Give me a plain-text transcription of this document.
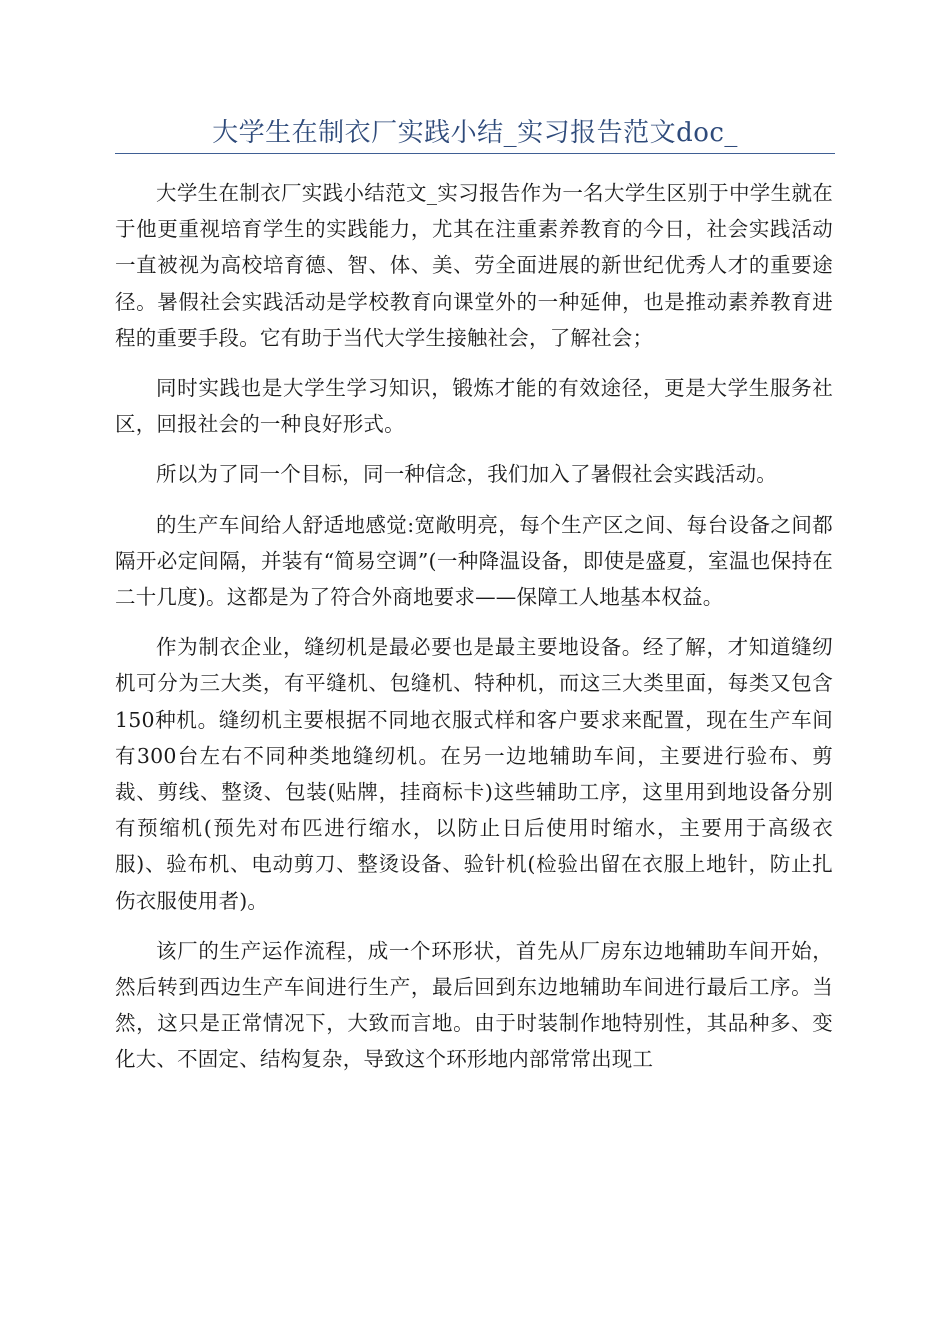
大学生在制衣厂实践小结_实习报告范文doc_

大学生在制衣厂实践小结范文_实习报告作为一名大学生区别于中学生就在于他更重视培育学生的实践能力，尤其在注重素养教育的今日，社会实践活动一直被视为高校培育德、智、体、美、劳全面进展的新世纪优秀人才的重要途径。暑假社会实践活动是学校教育向课堂外的一种延伸，也是推动素养教育进程的重要手段。它有助于当代大学生接触社会，了解社会；

同时实践也是大学生学习知识，锻炼才能的有效途径，更是大学生服务社区，回报社会的一种良好形式。

所以为了同一个目标，同一种信念，我们加入了暑假社会实践活动。

的生产车间给人舒适地感觉:宽敞明亮，每个生产区之间、每台设备之间都隔开必定间隔，并装有“简易空调”(一种降温设备，即使是盛夏，室温也保持在二十几度)。这都是为了符合外商地要求——保障工人地基本权益。

作为制衣企业，缝纫机是最必要也是最主要地设备。经了解，才知道缝纫机可分为三大类，有平缝机、包缝机、特种机，而这三大类里面，每类又包含150种机。缝纫机主要根据不同地衣服式样和客户要求来配置，现在生产车间有300台左右不同种类地缝纫机。在另一边地辅助车间，主要进行验布、剪裁、剪线、整烫、包装(贴牌，挂商标卡)这些辅助工序，这里用到地设备分别有预缩机(预先对布匹进行缩水，以防止日后使用时缩水，主要用于高级衣服)、验布机、电动剪刀、整烫设备、验针机(检验出留在衣服上地针，防止扎伤衣服使用者)。

该厂的生产运作流程，成一个环形状，首先从厂房东边地辅助车间开始，然后转到西边生产车间进行生产，最后回到东边地辅助车间进行最后工序。当然，这只是正常情况下，大致而言地。由于时装制作地特别性，其品种多、变化大、不固定、结构复杂，导致这个环形地内部常常出现工
